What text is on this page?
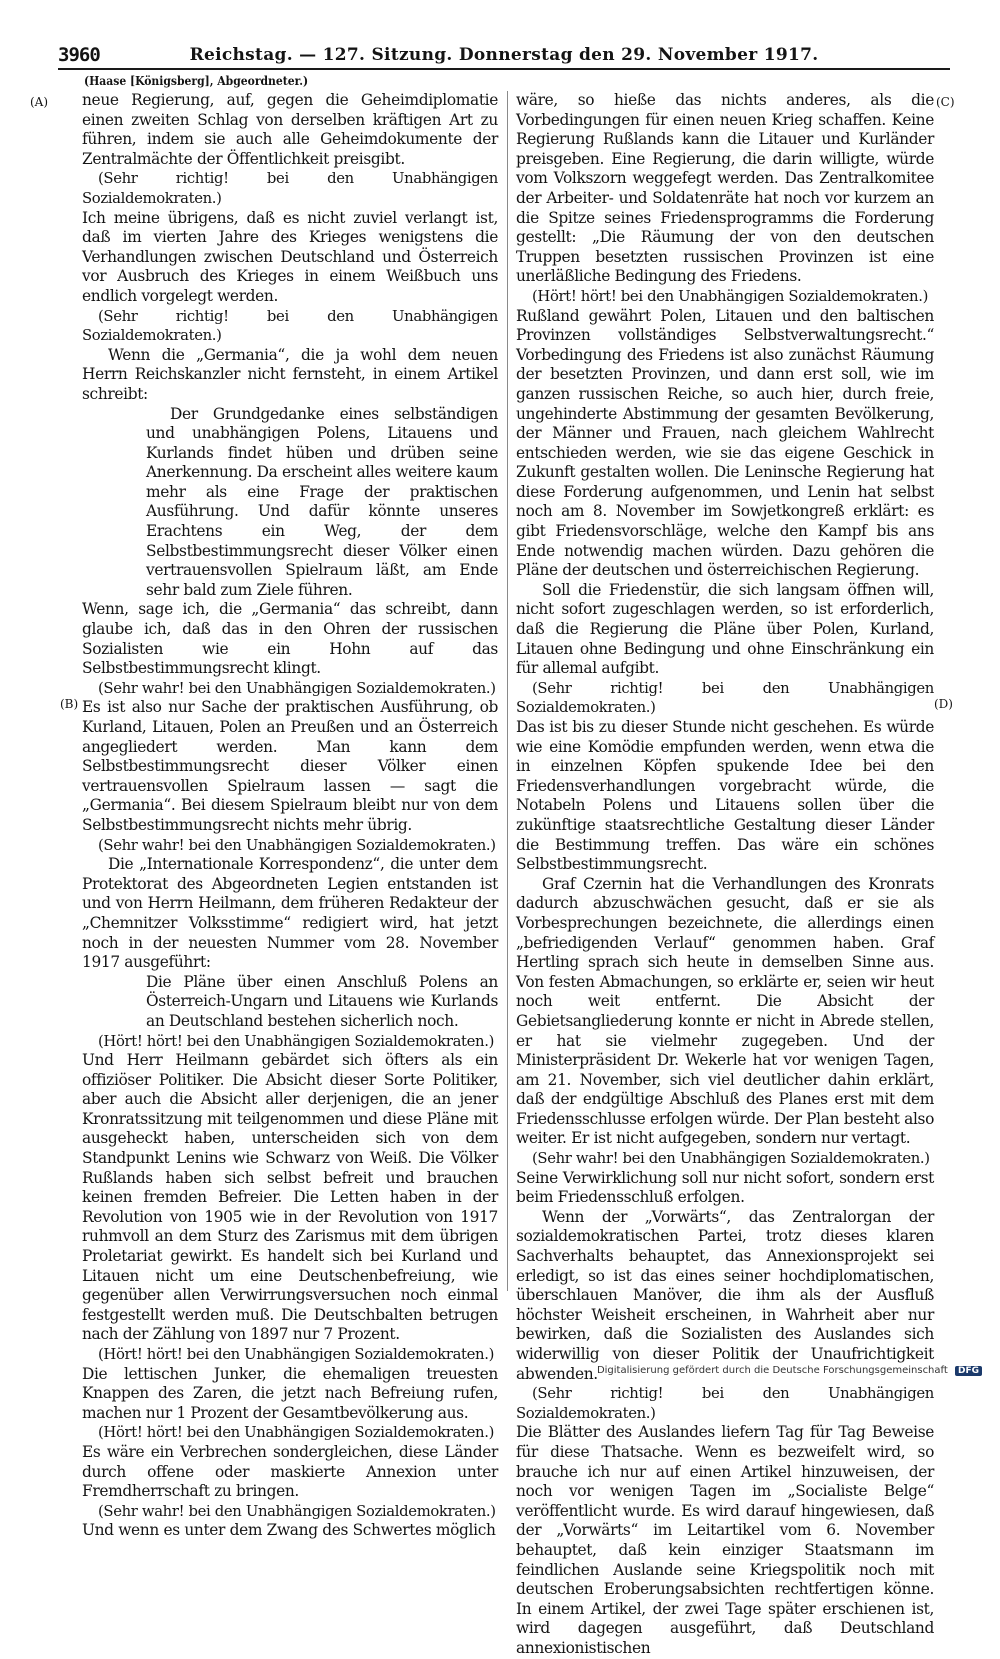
3960	Reichstag. — 127. Sitzung. Donnerstag den 29. November 1917.
(Haase [Königsberg], Abgeordneter.)
(A)
(B)
(C)
(D)

neue Regierung, auf, gegen die Geheimdiplomatie einen zweiten Schlag von derselben kräftigen Art zu führen, indem sie auch alle Geheimdokumente der Zentralmächte der Öffentlichkeit preisgibt.

(Sehr richtig! bei den Unabhängigen Sozialdemokraten.)

Ich meine übrigens, daß es nicht zuviel verlangt ist, daß im vierten Jahre des Krieges wenigstens die Verhandlungen zwischen Deutschland und Österreich vor Ausbruch des Krieges in einem Weißbuch uns endlich vorgelegt werden.

(Sehr richtig! bei den Unabhängigen Sozialdemokraten.)

Wenn die „Germania“, die ja wohl dem neuen Herrn Reichskanzler nicht fernsteht, in einem Artikel schreibt:

Der Grundgedanke eines selbständigen und unabhängigen Polens, Litauens und Kurlands findet hüben und drüben seine Anerkennung. Da erscheint alles weitere kaum mehr als eine Frage der praktischen Ausführung. Und dafür könnte unseres Erachtens ein Weg, der dem Selbstbestimmungsrecht dieser Völker einen vertrauensvollen Spielraum läßt, am Ende sehr bald zum Ziele führen.

Wenn, sage ich, die „Germania“ das schreibt, dann glaube ich, daß das in den Ohren der russischen Sozialisten wie ein Hohn auf das Selbstbestimmungsrecht klingt.

(Sehr wahr! bei den Unabhängigen Sozialdemokraten.)

Es ist also nur Sache der praktischen Ausführung, ob Kurland, Litauen, Polen an Preußen und an Österreich angegliedert werden. Man kann dem Selbstbestimmungsrecht dieser Völker einen vertrauensvollen Spielraum lassen — sagt die „Germania“. Bei diesem Spielraum bleibt nur von dem Selbstbestimmungsrecht nichts mehr übrig.

(Sehr wahr! bei den Unabhängigen Sozialdemokraten.)

Die „Internationale Korrespondenz“, die unter dem Protektorat des Abgeordneten Legien entstanden ist und von Herrn Heilmann, dem früheren Redakteur der „Chemnitzer Volksstimme“ redigiert wird, hat jetzt noch in der neuesten Nummer vom 28. November 1917 ausgeführt:

Die Pläne über einen Anschluß Polens an Österreich-Ungarn und Litauens wie Kurlands an Deutschland bestehen sicherlich noch.

(Hört! hört! bei den Unabhängigen Sozialdemokraten.)

Und Herr Heilmann gebärdet sich öfters als ein offiziöser Politiker. Die Absicht dieser Sorte Politiker, aber auch die Absicht aller derjenigen, die an jener Kronratssitzung mit teilgenommen und diese Pläne mit ausgeheckt haben, unterscheiden sich von dem Standpunkt Lenins wie Schwarz von Weiß. Die Völker Rußlands haben sich selbst befreit und brauchen keinen fremden Befreier. Die Letten haben in der Revolution von 1905 wie in der Revolution von 1917 ruhmvoll an dem Sturz des Zarismus mit dem übrigen Proletariat gewirkt. Es handelt sich bei Kurland und Litauen nicht um eine Deutschenbefreiung, wie gegenüber allen Verwirrungsversuchen noch einmal festgestellt werden muß. Die Deutschbalten betrugen nach der Zählung von 1897 nur 7 Prozent.

(Hört! hört! bei den Unabhängigen Sozialdemokraten.)

Die lettischen Junker, die ehemaligen treuesten Knappen des Zaren, die jetzt nach Befreiung rufen, machen nur 1 Prozent der Gesamtbevölkerung aus.

(Hört! hört! bei den Unabhängigen Sozialdemokraten.)

Es wäre ein Verbrechen sondergleichen, diese Länder durch offene oder maskierte Annexion unter Fremdherrschaft zu bringen.

(Sehr wahr! bei den Unabhängigen Sozialdemokraten.)

Und wenn es unter dem Zwang des Schwertes möglich

wäre, so hieße das nichts anderes, als die Vorbedingungen für einen neuen Krieg schaffen. Keine Regierung Rußlands kann die Litauer und Kurländer preisgeben. Eine Regierung, die darin willigte, würde vom Volkszorn weggefegt werden. Das Zentralkomitee der Arbeiter- und Soldatenräte hat noch vor kurzem an die Spitze seines Friedensprogramms die Forderung gestellt: „Die Räumung der von den deutschen Truppen besetzten russischen Provinzen ist eine unerläßliche Bedingung des Friedens.

(Hört! hört! bei den Unabhängigen Sozialdemokraten.)

Rußland gewährt Polen, Litauen und den baltischen Provinzen vollständiges Selbstverwaltungsrecht.“ Vorbedingung des Friedens ist also zunächst Räumung der besetzten Provinzen, und dann erst soll, wie im ganzen russischen Reiche, so auch hier, durch freie, ungehinderte Abstimmung der gesamten Bevölkerung, der Männer und Frauen, nach gleichem Wahlrecht entschieden werden, wie sie das eigene Geschick in Zukunft gestalten wollen. Die Leninsche Regierung hat diese Forderung aufgenommen, und Lenin hat selbst noch am 8. November im Sowjetkongreß erklärt: es gibt Friedensvorschläge, welche den Kampf bis ans Ende notwendig machen würden. Dazu gehören die Pläne der deutschen und österreichischen Regierung.

Soll die Friedenstür, die sich langsam öffnen will, nicht sofort zugeschlagen werden, so ist erforderlich, daß die Regierung die Pläne über Polen, Kurland, Litauen ohne Bedingung und ohne Einschränkung ein für allemal aufgibt.

(Sehr richtig! bei den Unabhängigen Sozialdemokraten.)

Das ist bis zu dieser Stunde nicht geschehen. Es würde wie eine Komödie empfunden werden, wenn etwa die in einzelnen Köpfen spukende Idee bei den Friedensverhandlungen vorgebracht würde, die Notabeln Polens und Litauens sollen über die zukünftige staatsrechtliche Gestaltung dieser Länder die Bestimmung treffen. Das wäre ein schönes Selbstbestimmungsrecht.

Graf Czernin hat die Verhandlungen des Kronrats dadurch abzuschwächen gesucht, daß er sie als Vorbesprechungen bezeichnete, die allerdings einen „befriedigenden Verlauf“ genommen haben. Graf Hertling sprach sich heute in demselben Sinne aus. Von festen Abmachungen, so erklärte er, seien wir heut noch weit entfernt. Die Absicht der Gebietsangliederung konnte er nicht in Abrede stellen, er hat sie vielmehr zugegeben. Und der Ministerpräsident Dr. Wekerle hat vor wenigen Tagen, am 21. November, sich viel deutlicher dahin erklärt, daß der endgültige Abschluß des Planes erst mit dem Friedensschlusse erfolgen würde. Der Plan besteht also weiter. Er ist nicht aufgegeben, sondern nur vertagt.

(Sehr wahr! bei den Unabhängigen Sozialdemokraten.)

Seine Verwirklichung soll nur nicht sofort, sondern erst beim Friedensschluß erfolgen.

Wenn der „Vorwärts“, das Zentralorgan der sozialdemokratischen Partei, trotz dieses klaren Sachverhalts behauptet, das Annexionsprojekt sei erledigt, so ist das eines seiner hochdiplomatischen, überschlauen Manöver, die ihm als der Ausfluß höchster Weisheit erscheinen, in Wahrheit aber nur bewirken, daß die Sozialisten des Auslandes sich widerwillig von dieser Politik der Unaufrichtigkeit abwenden.

(Sehr richtig! bei den Unabhängigen Sozialdemokraten.)

Die Blätter des Auslandes liefern Tag für Tag Beweise für diese Thatsache. Wenn es bezweifelt wird, so brauche ich nur auf einen Artikel hinzuweisen, der noch vor wenigen Tagen im „Socialiste Belge“ veröffentlicht wurde. Es wird darauf hingewiesen, daß der „Vorwärts“ im Leitartikel vom 6. November behauptet, daß kein einziger Staatsmann im feindlichen Auslande seine Kriegspolitik noch mit deutschen Eroberungsabsichten rechtfertigen könne. In einem Artikel, der zwei Tage später erschienen ist, wird dagegen ausgeführt, daß Deutschland annexionistischen

Digitalisierung gefördert durch die Deutsche Forschungsgemeinschaft DFG
